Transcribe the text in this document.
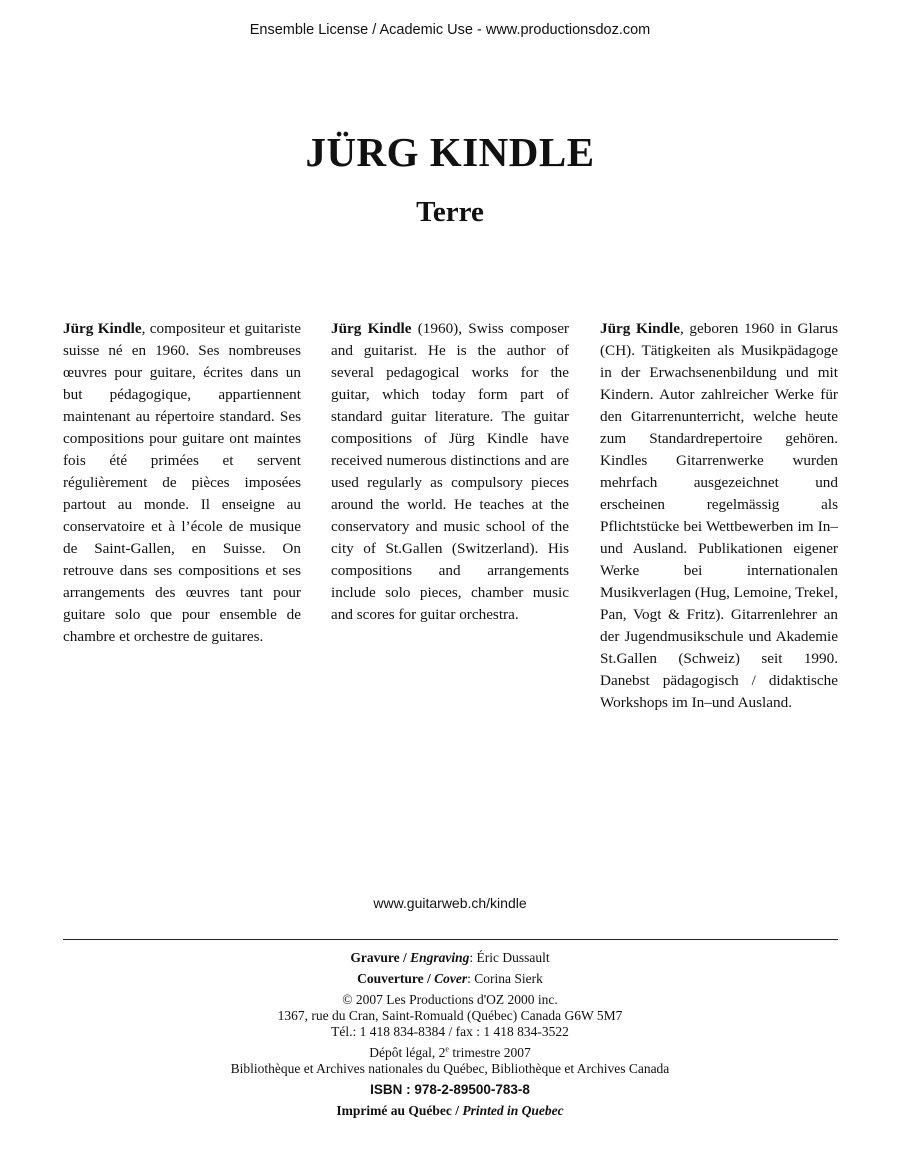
Ensemble License / Academic Use - www.productionsdoz.com
JÜRG KINDLE
Terre
Jürg Kindle, compositeur et guitariste suisse né en 1960. Ses nombreuses œuvres pour guitare, écrites dans un but pédagogique, appartiennent maintenant au répertoire standard. Ses compositions pour guitare ont maintes fois été primées et servent régulièrement de pièces imposées partout au monde. Il enseigne au conservatoire et à l’école de musique de Saint-Gallen, en Suisse. On retrouve dans ses compositions et ses arrangements des œuvres tant pour guitare solo que pour ensemble de chambre et orchestre de guitares.
Jürg Kindle (1960), Swiss composer and guitarist. He is the author of several pedagogical works for the guitar, which today form part of standard guitar literature. The guitar compositions of Jürg Kindle have received numerous distinctions and are used regularly as compulsory pieces around the world. He teaches at the conservatory and music school of the city of St.Gallen (Switzerland). His compositions and arrangements include solo pieces, chamber music and scores for guitar orchestra.
Jürg Kindle, geboren 1960 in Glarus (CH). Tätigkeiten als Musikpädagoge in der Erwachsenenbildung und mit Kindern. Autor zahlreicher Werke für den Gitarrenunterricht, welche heute zum Standardrepertoire gehören. Kindles Gitarrenwerke wurden mehrfach ausgezeichnet und erscheinen regelmässig als Pflichtstücke bei Wettbewerben im In–und Ausland. Publikationen eigener Werke bei internationalen Musikverlagen (Hug, Lemoine, Trekel, Pan, Vogt & Fritz). Gitarrenlehrer an der Jugendmusikschule und Akademie St.Gallen (Schweiz) seit 1990. Danebst pädagogisch / didaktische Workshops im In–und Ausland.
www.guitarweb.ch/kindle
Gravure / Engraving: Éric Dussault
Couverture / Cover: Corina Sierk
© 2007 Les Productions d'OZ 2000 inc.
1367, rue du Cran, Saint-Romuald (Québec) Canada G6W 5M7
Tél.: 1 418 834-8384 / fax : 1 418 834-3522
Dépôt légal, 2e trimestre 2007
Bibliothèque et Archives nationales du Québec, Bibliothèque et Archives Canada
ISBN : 978-2-89500-783-8
Imprimé au Québec / Printed in Quebec
